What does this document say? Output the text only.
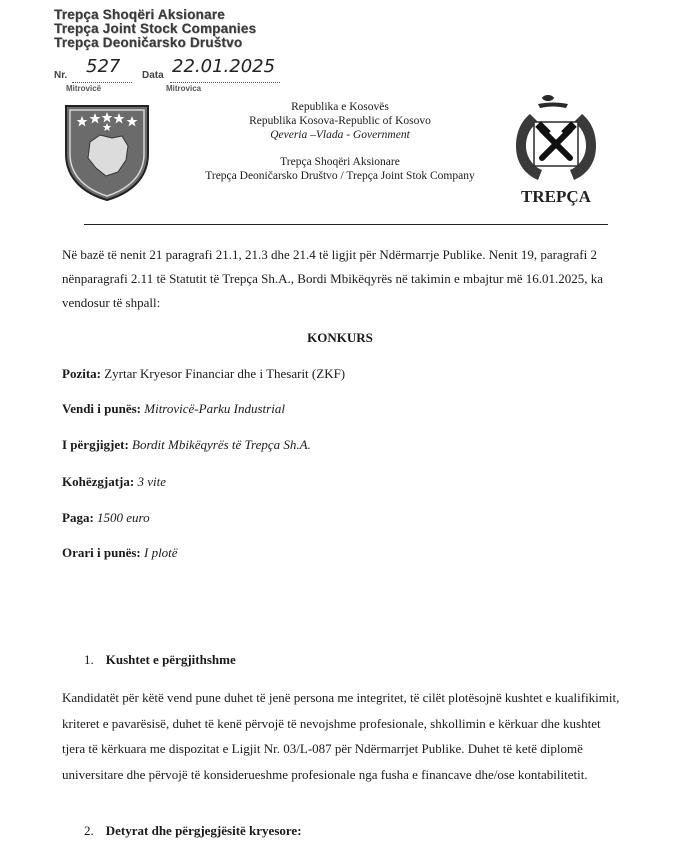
Trepça Shoqëri Aksionare
Trepça Joint Stock Companies
Trepça Deoničarsko Društvo
Nr. 527 Data 22.01.2025
Mitrovicë	Mitrovica
Republika e Kosovës
Republika Kosova-Republic of Kosovo
Qeveria –Vlada - Government
Trepça Shoqëri Aksionare
Trepça Deoničarsko Društvo / Trepça Joint Stok Company
TREPÇA
Në bazë të nenit 21 paragrafi 21.1, 21.3 dhe 21.4 të ligjit për Ndërmarrje Publike. Nenit 19, paragrafi 2 nënparagrafi 2.11 të Statutit të Trepça Sh.A., Bordi Mbikëqyrës në takimin e mbajtur më 16.01.2025, ka vendosur të shpall:
KONKURS
Pozita: Zyrtar Kryesor Financiar dhe i Thesarit (ZKF)
Vendi i punës: Mitrovicë-Parku Industrial
I përgjigjet: Bordit Mbikëqyrës të Trepça Sh.A.
Kohëzgjatja: 3 vite
Paga: 1500 euro
Orari i punës: I plotë
1. Kushtet e përgjithshme
Kandidatët për këtë vend pune duhet të jenë persona me integritet, të cilët plotësojnë kushtet e kualifikimit, kriteret e pavarësisë, duhet të kenë përvojë të nevojshme profesionale, shkollimin e kërkuar dhe kushtet tjera të kërkuara me dispozitat e Ligjit Nr. 03/L-087 për Ndërmarrjet Publike. Duhet të ketë diplomë universitare dhe përvojë të konsiderueshme profesionale nga fusha e financave dhe/ose kontabilitetit.
2. Detyrat dhe përgjegjësitë kryesore:
